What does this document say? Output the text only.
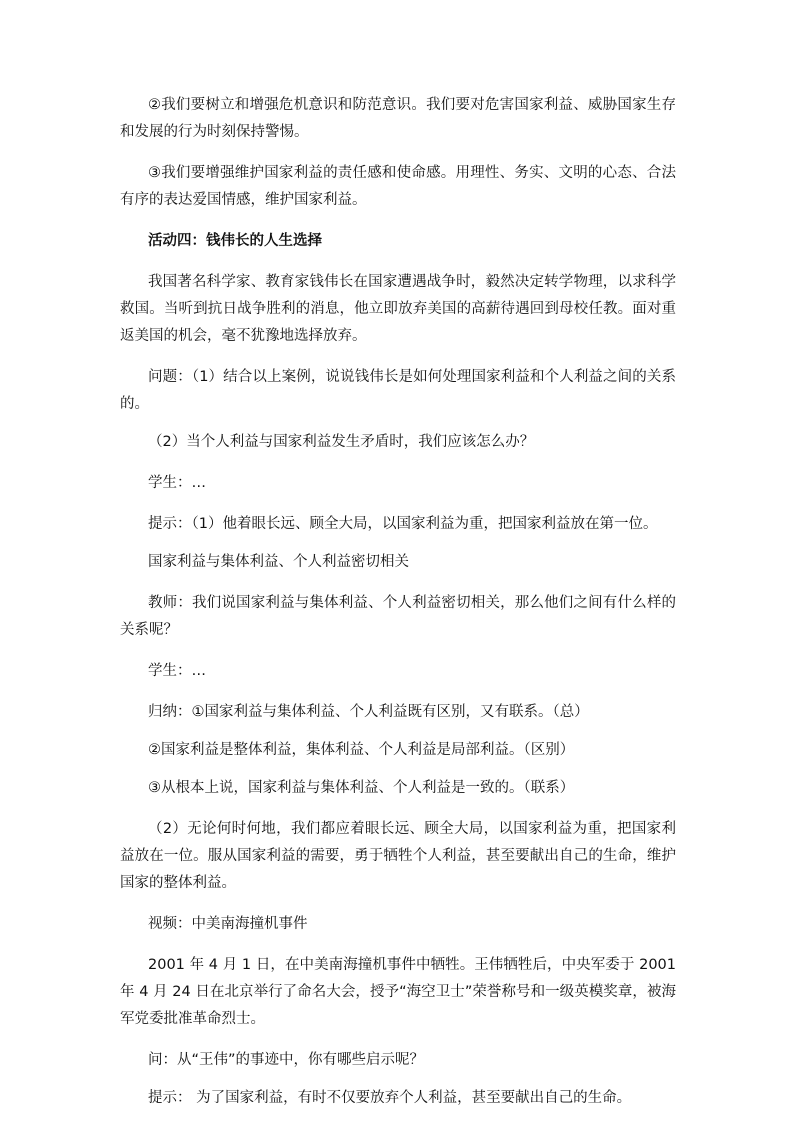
②我们要树立和增强危机意识和防范意识。我们要对危害国家利益、威胁国家生存和发展的行为时刻保持警惕。

③我们要增强维护国家利益的责任感和使命感。用理性、务实、文明的心态、合法有序的表达爱国情感，维护国家利益。

活动四：钱伟长的人生选择

我国著名科学家、教育家钱伟长在国家遭遇战争时，毅然决定转学物理，以求科学救国。当听到抗日战争胜利的消息，他立即放弃美国的高薪待遇回到母校任教。面对重返美国的机会，毫不犹豫地选择放弃。

问题：（1）结合以上案例，说说钱伟长是如何处理国家利益和个人利益之间的关系的。

（2）当个人利益与国家利益发生矛盾时，我们应该怎么办？

学生：…

提示：（1）他着眼长远、顾全大局，以国家利益为重，把国家利益放在第一位。

国家利益与集体利益、个人利益密切相关

教师：我们说国家利益与集体利益、个人利益密切相关，那么他们之间有什么样的关系呢？

学生：…

归纳：①国家利益与集体利益、个人利益既有区别，又有联系。（总）

②国家利益是整体利益，集体利益、个人利益是局部利益。（区别）

③从根本上说，国家利益与集体利益、个人利益是一致的。（联系）

（2）无论何时何地，我们都应着眼长远、顾全大局，以国家利益为重，把国家利益放在一位。服从国家利益的需要，勇于牺牲个人利益，甚至要献出自己的生命，维护国家的整体利益。

视频：中美南海撞机事件

2001 年 4 月 1 日，在中美南海撞机事件中牺牲。王伟牺牲后，中央军委于 2001 年 4 月 24 日在北京举行了命名大会，授予“海空卫士”荣誉称号和一级英模奖章，被海军党委批准革命烈士。

问：从“王伟”的事迹中，你有哪些启示呢？

提示： 为了国家利益，有时不仅要放弃个人利益，甚至要献出自己的生命。
